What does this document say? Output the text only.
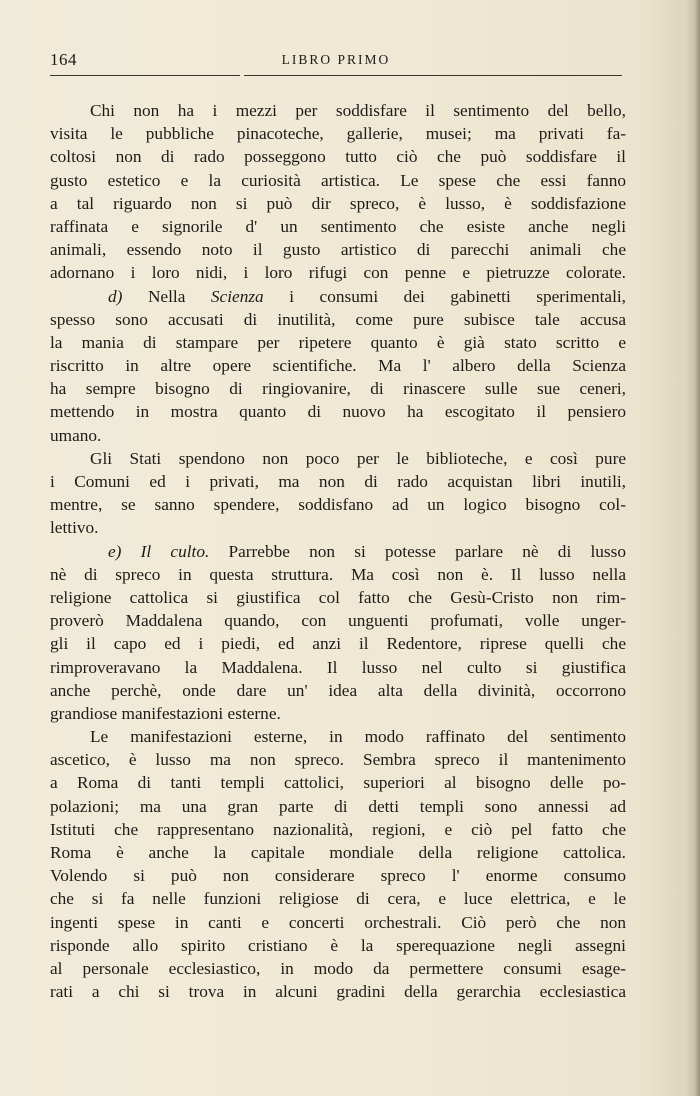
164	LIBRO PRIMO
Chi non ha i mezzi per soddisfare il sentimento del bello,
visita le pubbliche pinacoteche, gallerie, musei; ma privati fa-
coltosi non di rado posseggono tutto ciò che può soddisfare il
gusto estetico e la curiosità artistica. Le spese che essi fanno
a tal riguardo non si può dir spreco, è lusso, è soddisfazione
raffinata e signorile d' un sentimento che esiste anche negli
animali, essendo noto il gusto artistico di parecchi animali che
adornano i loro nidi, i loro rifugi con penne e pietruzze colorate.
d) Nella Scienza i consumi dei gabinetti sperimentali,
spesso sono accusati di inutilità, come pure subisce tale accusa
la mania di stampare per ripetere quanto è già stato scritto e
riscritto in altre opere scientifiche. Ma l' albero della Scienza
ha sempre bisogno di ringiovanire, di rinascere sulle sue ceneri,
mettendo in mostra quanto di nuovo ha escogitato il pensiero
umano.
Gli Stati spendono non poco per le biblioteche, e così pure
i Comuni ed i privati, ma non di rado acquistan libri inutili,
mentre, se sanno spendere, soddisfano ad un logico bisogno col-
lettivo.
e) Il culto. Parrebbe non si potesse parlare nè di lusso
nè di spreco in questa struttura. Ma così non è. Il lusso nella
religione cattolica si giustifica col fatto che Gesù-Cristo non rim-
proverò Maddalena quando, con unguenti profumati, volle unger-
gli il capo ed i piedi, ed anzi il Redentore, riprese quelli che
rimproveravano la Maddalena. Il lusso nel culto si giustifica
anche perchè, onde dare un' idea alta della divinità, occorrono
grandiose manifestazioni esterne.
Le manifestazioni esterne, in modo raffinato del sentimento
ascetico, è lusso ma non spreco. Sembra spreco il mantenimento
a Roma di tanti templi cattolici, superiori al bisogno delle po-
polazioni; ma una gran parte di detti templi sono annessi ad
Istituti che rappresentano nazionalità, regioni, e ciò pel fatto che
Roma è anche la capitale mondiale della religione cattolica.
Volendo si può non considerare spreco l' enorme consumo
che si fa nelle funzioni religiose di cera, e luce elettrica, e le
ingenti spese in canti e concerti orchestrali. Ciò però che non
risponde allo spirito cristiano è la sperequazione negli assegni
al personale ecclesiastico, in modo da permettere consumi esage-
rati a chi si trova in alcuni gradini della gerarchia ecclesiastica
